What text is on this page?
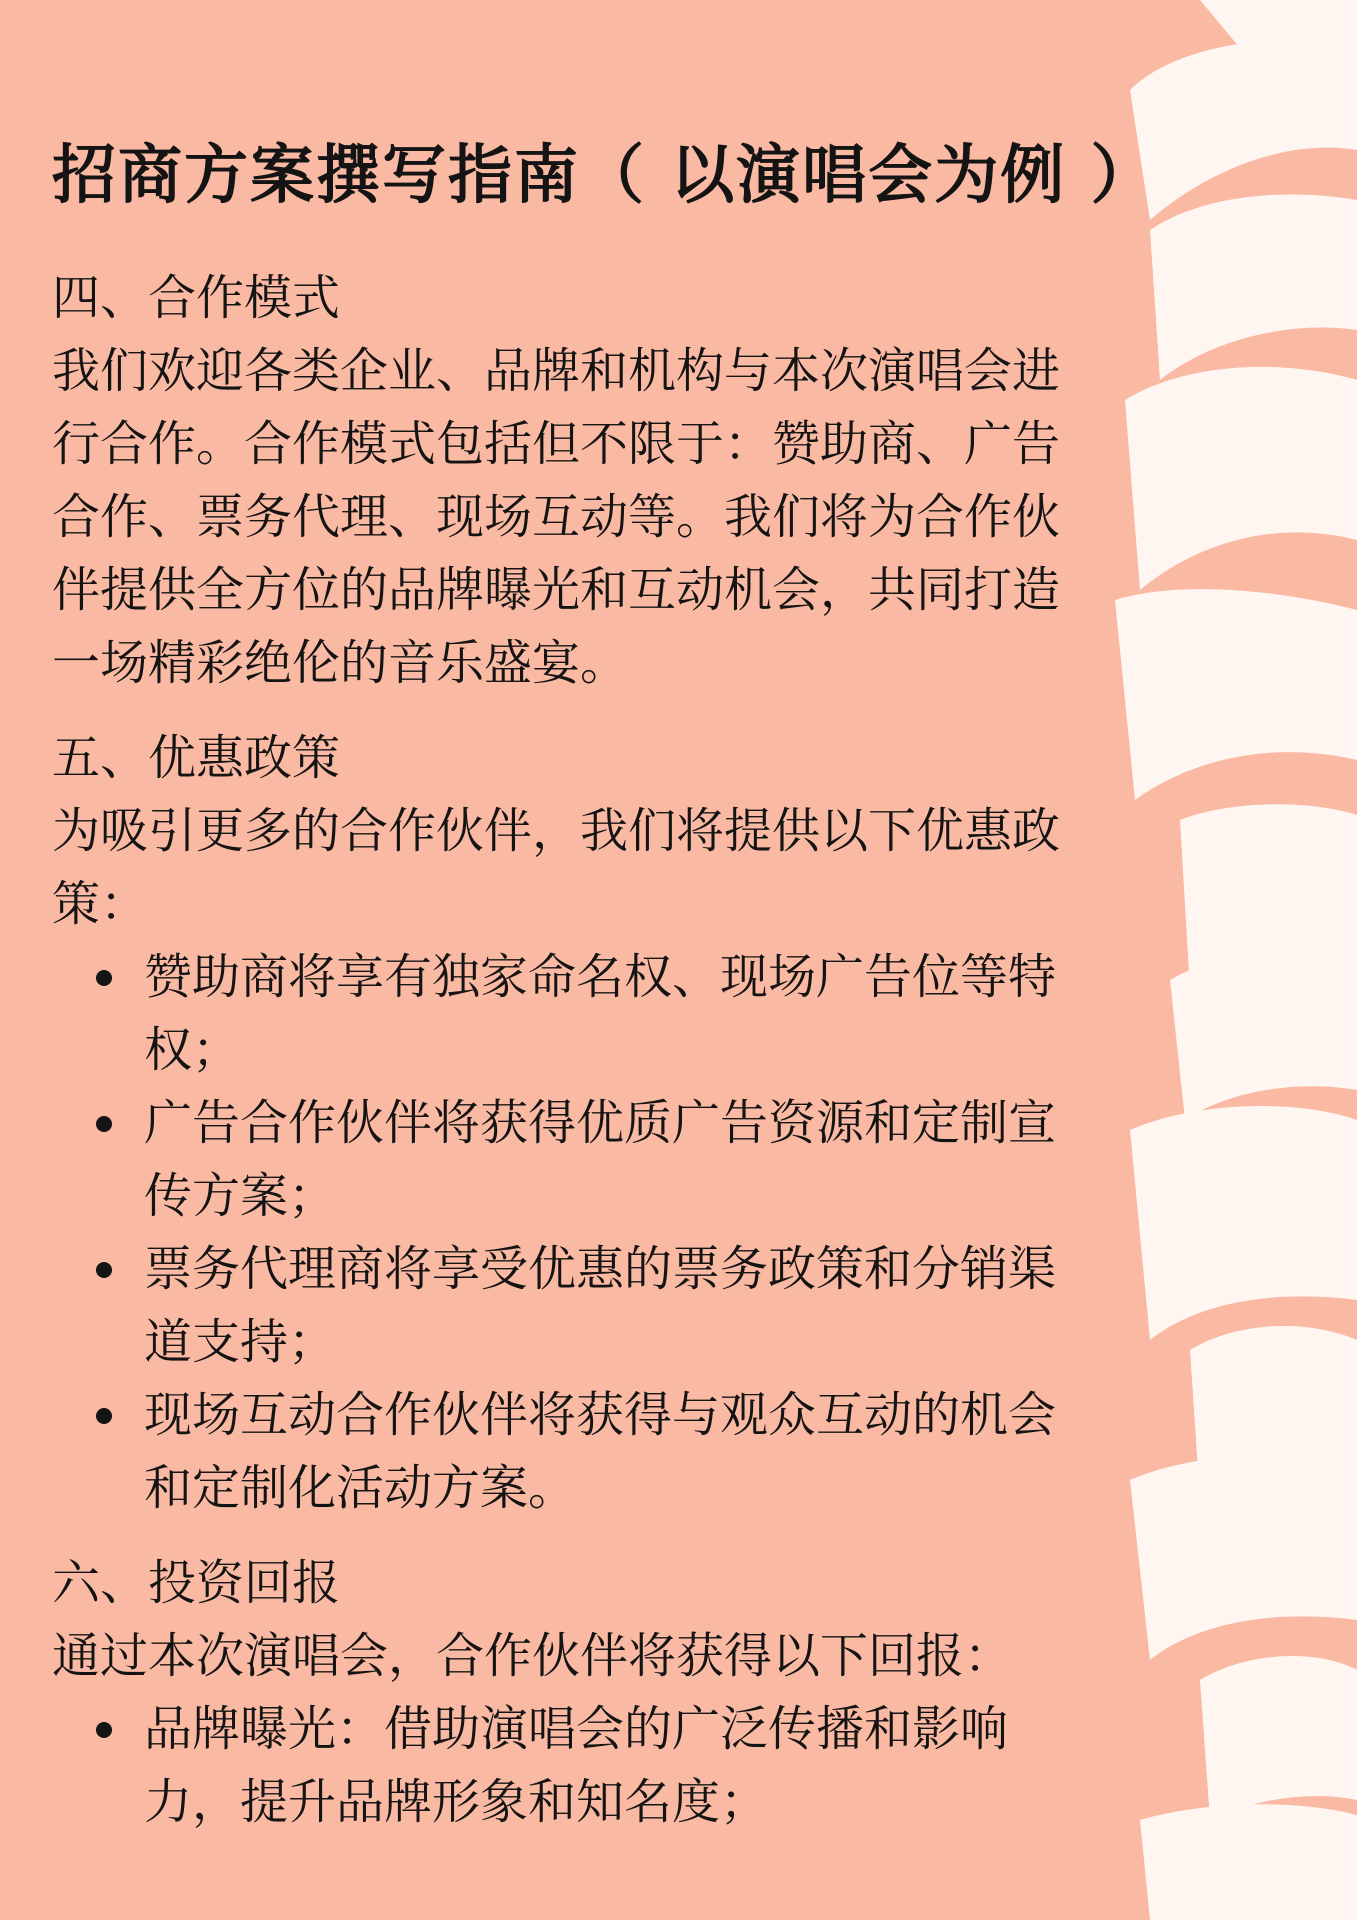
招商方案撰写指南（ 以演唱会为例 ）
四、合作模式
我们欢迎各类企业、品牌和机构与本次演唱会进
行合作。合作模式包括但不限于：赞助商、广告
合作、票务代理、现场互动等。我们将为合作伙
伴提供全方位的品牌曝光和互动机会，共同打造
一场精彩绝伦的音乐盛宴。
五、优惠政策
为吸引更多的合作伙伴，我们将提供以下优惠政
策：
赞助商将享有独家命名权、现场广告位等特
权；
广告合作伙伴将获得优质广告资源和定制宣
传方案；
票务代理商将享受优惠的票务政策和分销渠
道支持；
现场互动合作伙伴将获得与观众互动的机会
和定制化活动方案。
六、投资回报
通过本次演唱会，合作伙伴将获得以下回报：
品牌曝光：借助演唱会的广泛传播和影响
力，提升品牌形象和知名度；
